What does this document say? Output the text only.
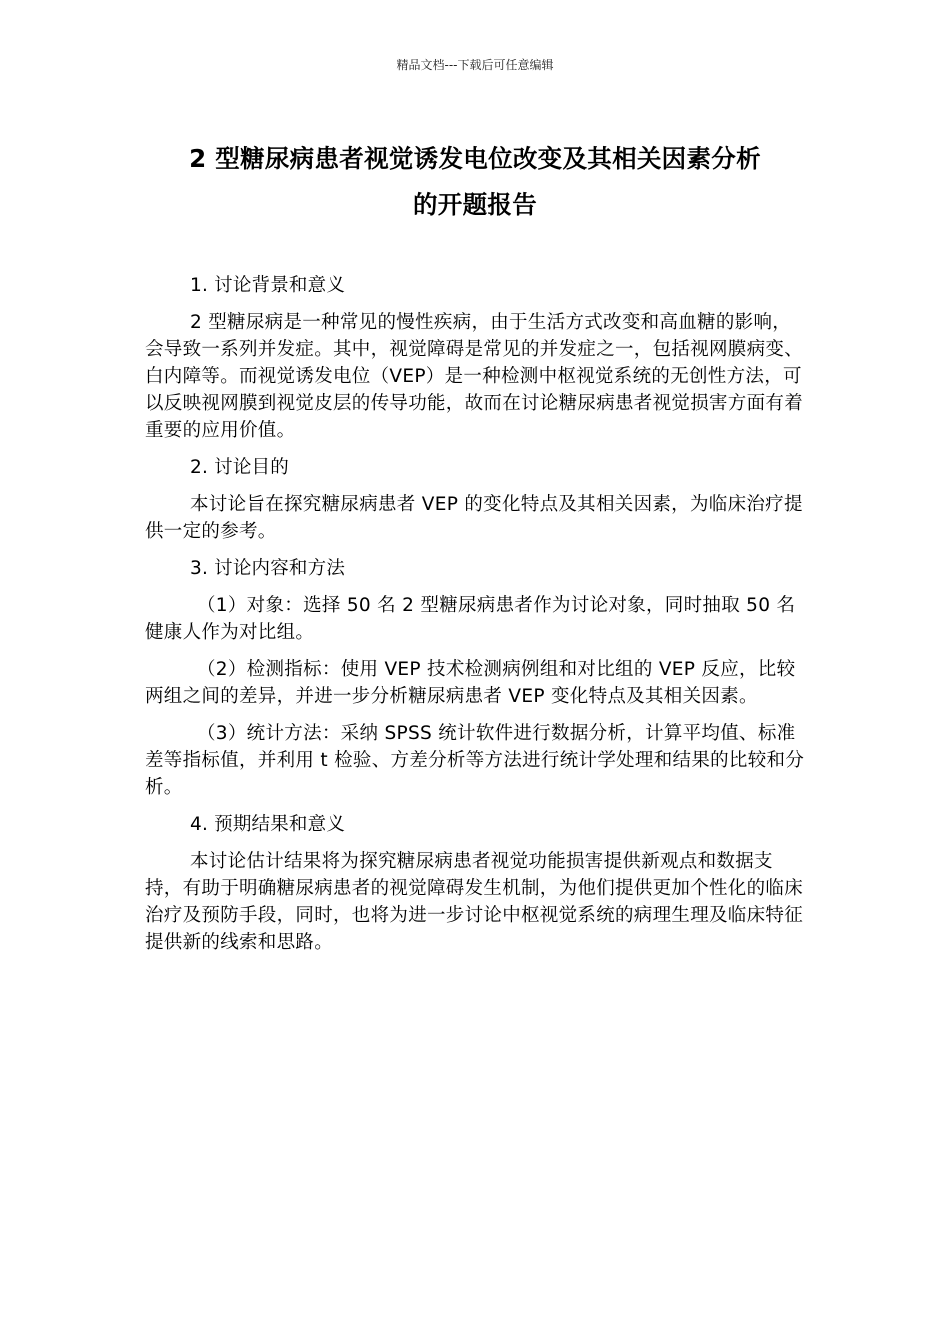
精品文档---下载后可任意编辑
2 型糖尿病患者视觉诱发电位改变及其相关因素分析
的开题报告

1. 讨论背景和意义

2 型糖尿病是一种常见的慢性疾病，由于生活方式改变和高血糖的影响，会导致一系列并发症。其中，视觉障碍是常见的并发症之一，包括视网膜病变、白内障等。而视觉诱发电位（VEP）是一种检测中枢视觉系统的无创性方法，可以反映视网膜到视觉皮层的传导功能，故而在讨论糖尿病患者视觉损害方面有着重要的应用价值。

2. 讨论目的

本讨论旨在探究糖尿病患者 VEP 的变化特点及其相关因素，为临床治疗提供一定的参考。

3. 讨论内容和方法

（1）对象：选择 50 名 2 型糖尿病患者作为讨论对象，同时抽取 50 名健康人作为对比组。

（2）检测指标：使用 VEP 技术检测病例组和对比组的 VEP 反应，比较两组之间的差异，并进一步分析糖尿病患者 VEP 变化特点及其相关因素。

（3）统计方法：采纳 SPSS 统计软件进行数据分析，计算平均值、标准差等指标值，并利用 t 检验、方差分析等方法进行统计学处理和结果的比较和分析。

4. 预期结果和意义

本讨论估计结果将为探究糖尿病患者视觉功能损害提供新观点和数据支持，有助于明确糖尿病患者的视觉障碍发生机制，为他们提供更加个性化的临床治疗及预防手段，同时，也将为进一步讨论中枢视觉系统的病理生理及临床特征提供新的线索和思路。
